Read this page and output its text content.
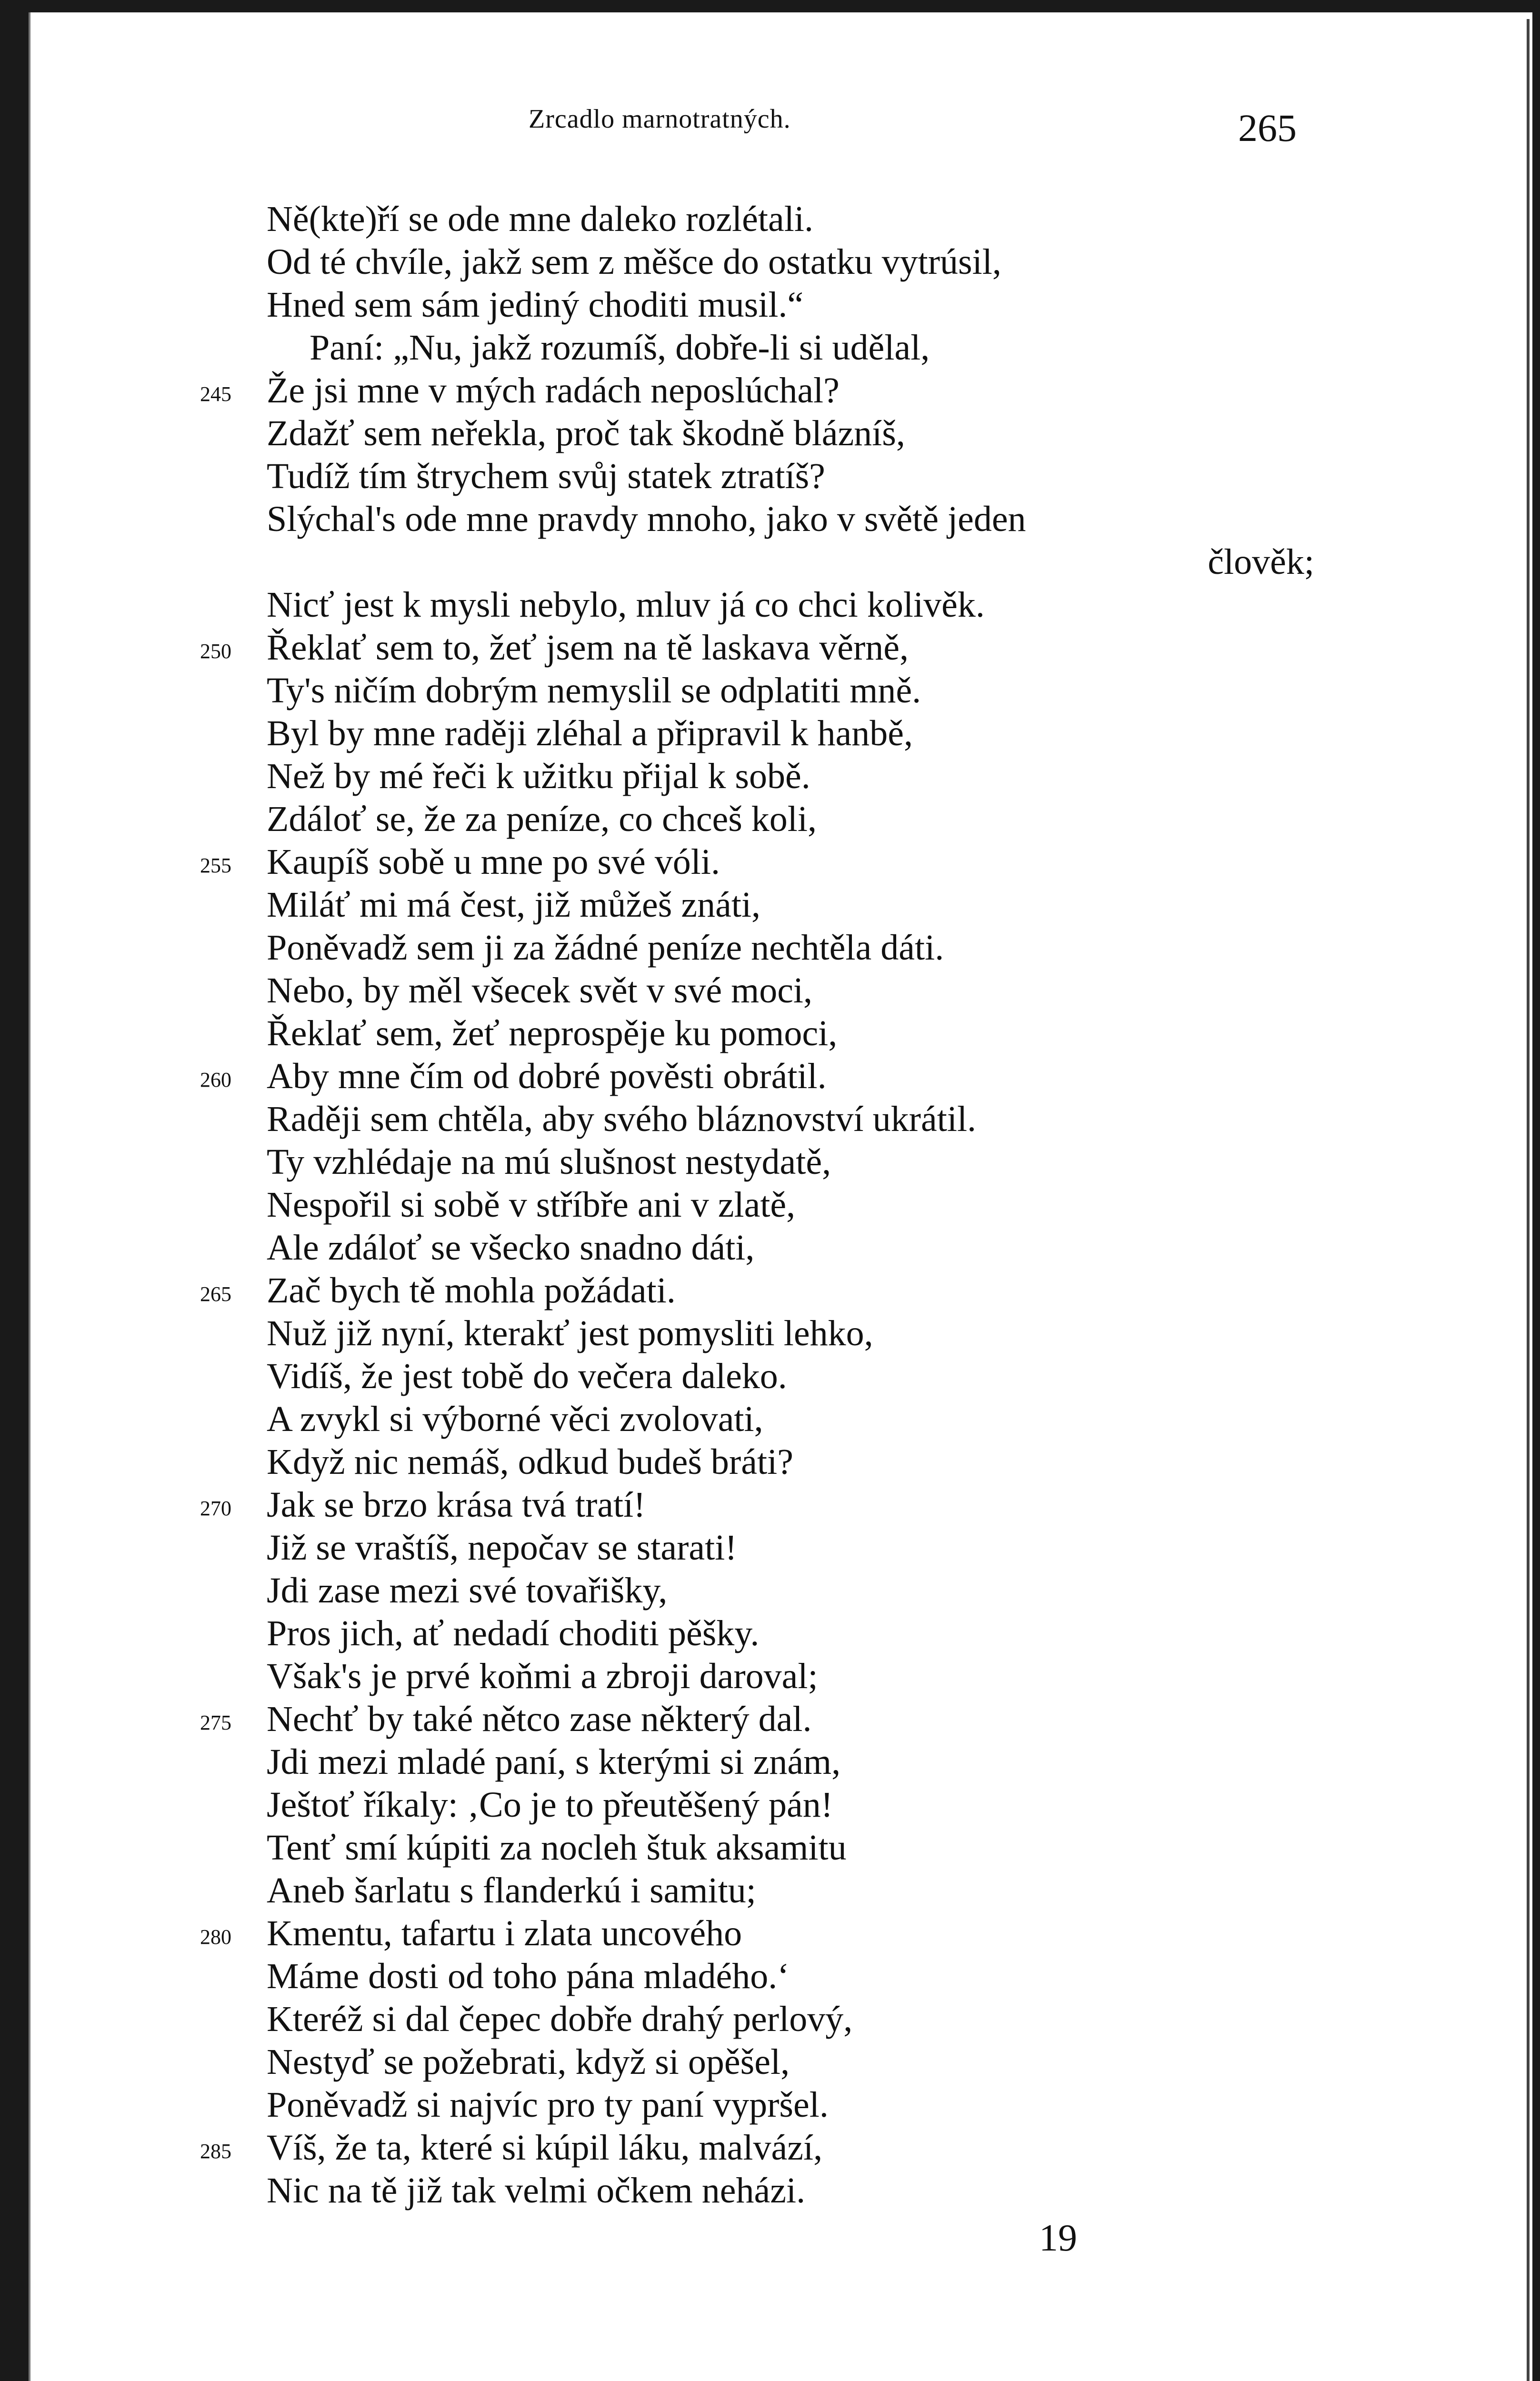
Zrcadlo marnotratných.	265
Ně(kte)ří se ode mne daleko rozlétali.
Od té chvíle, jakž sem z měšce do ostatku vytrúsil,
Hned sem sám jediný choditi musil.“
Paní: „Nu, jakž rozumíš, dobře-li si udělal,
245 Že jsi mne v mých radách neposlúchal?
Zdažť sem neřekla, proč tak škodně blázníš,
Tudíž tím štrychem svůj statek ztratíš?
Slýchal's ode mne pravdy mnoho, jako v světě jeden
člověk;
Nicť jest k mysli nebylo, mluv já co chci kolivěk.
250 Řeklať sem to, žeť jsem na tě laskava věrně,
Ty's ničím dobrým nemyslil se odplatiti mně.
Byl by mne raději zléhal a připravil k hanbě,
Než by mé řeči k užitku přijal k sobě.
Zdáloť se, že za peníze, co chceš koli,
255 Kaupíš sobě u mne po své vóli.
Miláť mi má čest, již můžeš znáti,
Poněvadž sem ji za žádné peníze nechtěla dáti.
Nebo, by měl všecek svět v své moci,
Řeklať sem, žeť neprospěje ku pomoci,
260 Aby mne čím od dobré pověsti obrátil.
Raději sem chtěla, aby svého bláznovství ukrátil.
Ty vzhlédaje na mú slušnost nestydatě,
Nespořil si sobě v stříbře ani v zlatě,
Ale zdáloť se všecko snadno dáti,
265 Zač bych tě mohla požádati.
Nuž již nyní, kterakť jest pomysliti lehko,
Vidíš, že jest tobě do večera daleko.
A zvykl si výborné věci zvolovati,
Když nic nemáš, odkud budeš bráti?
270 Jak se brzo krása tvá tratí!
Již se vraštíš, nepočav se starati!
Jdi zase mezi své tovařišky,
Pros jich, ať nedadí choditi pěšky.
Však's je prvé koňmi a zbroji daroval;
275 Nechť by také nětco zase některý dal.
Jdi mezi mladé paní, s kterými si znám,
Ještoť říkaly: ‚Co je to přeutěšený pán!
Tenť smí kúpiti za nocleh štuk aksamitu
Aneb šarlatu s flanderkú i samitu;
280 Kmentu, tafartu i zlata uncového
Máme dosti od toho pána mladého.‘
Kteréž si dal čepec dobře drahý perlový,
Nestyď se požebrati, když si opěšel,
Poněvadž si najvíc pro ty paní vypršel.
285 Víš, že ta, které si kúpil láku, malvází,
Nic na tě již tak velmi očkem neházi.
19
